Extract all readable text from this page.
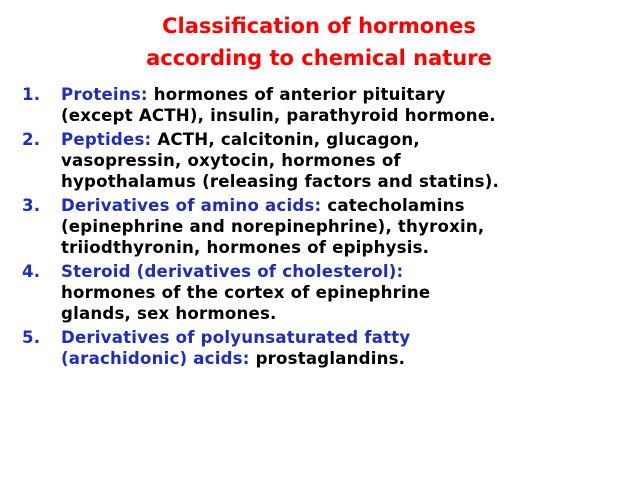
Classification of hormones
according to chemical nature
1. Proteins: hormones of anterior pituitary
(except ACTH), insulin, parathyroid hormone.
2. Peptides: ACTH, calcitonin, glucagon,
vasopressin, oxytocin, hormones of
hypothalamus (releasing factors and statins).
3. Derivatives of amino acids: catecholamins
(epinephrine and norepinephrine), thyroxin,
triiodthyronin, hormones of epiphysis.
4. Steroid (derivatives of cholesterol):
hormones of the cortex of epinephrine
glands, sex hormones.
5. Derivatives of polyunsaturated fatty
(arachidonic) acids: prostaglandins.
